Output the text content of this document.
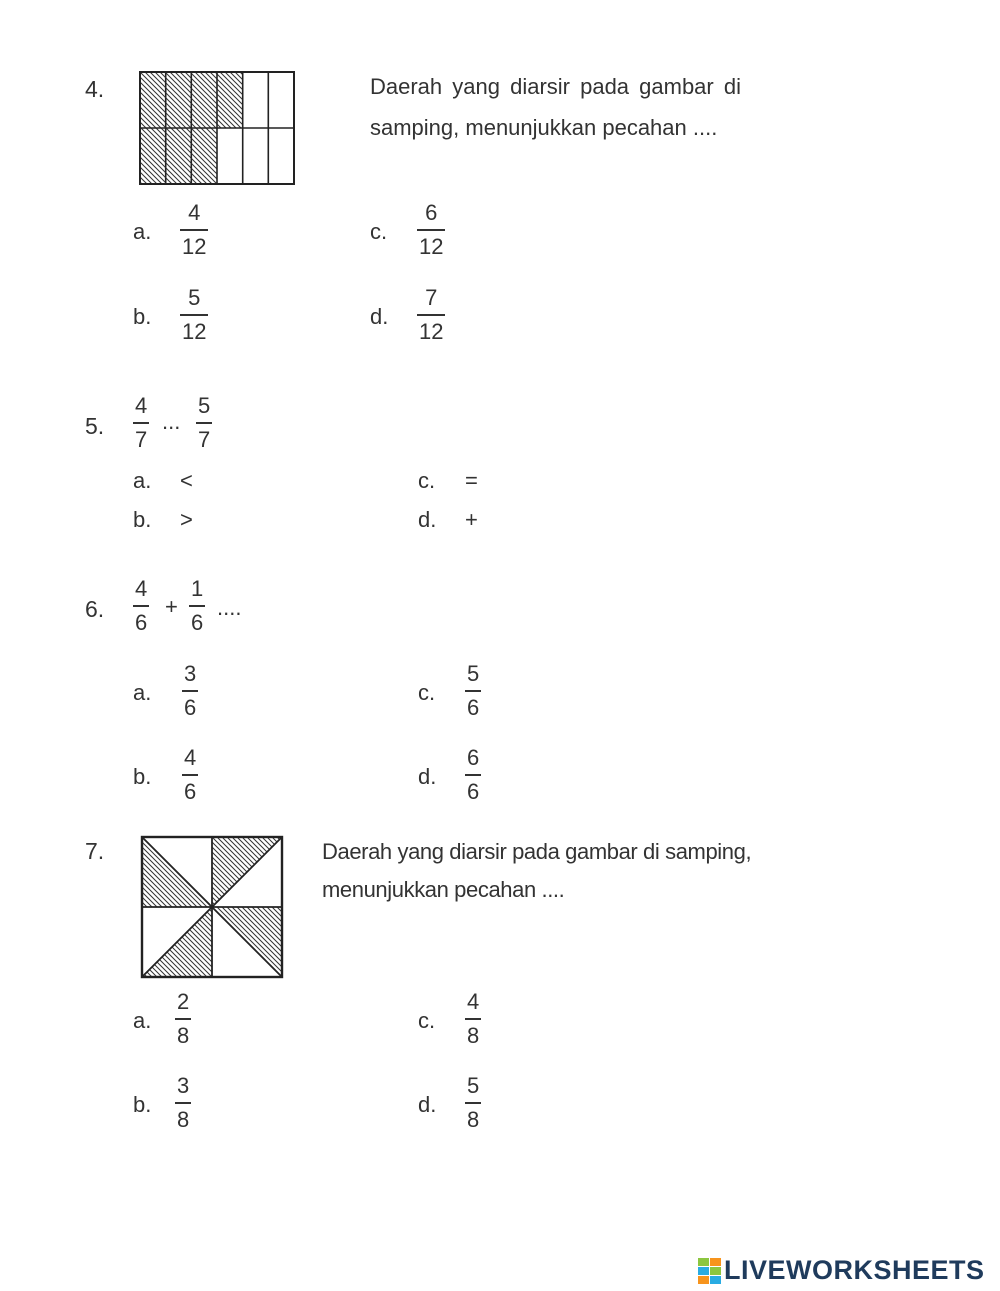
4.	Daerah yang diarsir pada gambar di
samping, menunjukkan pecahan ....
a.
4
12
b.
5
12
c.
6
12
d.
7
12
5.
4
7
...
5
7
a. <
b. >
c. =
d. +
6.
4
6
+
1
6
....
a.
3
6
b.
4
6
c.
5
6
d.
6
6
7.	Daerah yang diarsir pada gambar di samping,
menunjukkan pecahan ....
a.
2
8
b.
3
8
c.
4
8
d.
5
8
LIVEWORKSHEETS
